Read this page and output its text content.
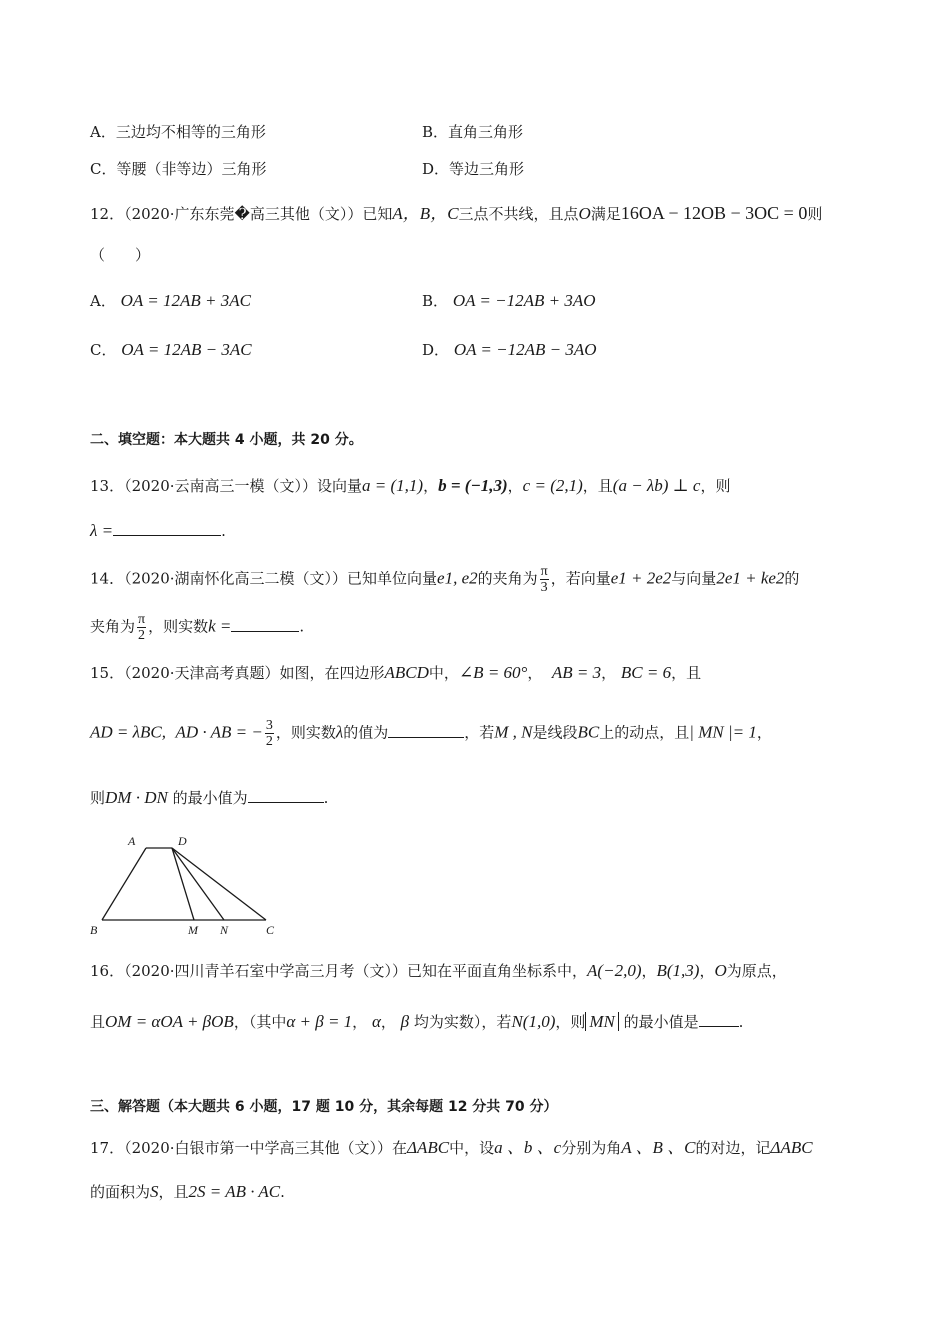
A．三边均不相等的三角形	B．直角三角形
C．等腰（非等边）三角形	D．等边三角形
12．（2020·广东东莞�高三其他（文））已知A，B，C三点不共线，且点O满足16OA − 12OB − 3OC = 0则
（　　）
A． OA = 12AB + 3AC	B． OA = −12AB + 3AO
C． OA = 12AB − 3AC	D． OA = −12AB − 3AO
二、填空题：本大题共 4 小题，共 20 分。
13．（2020·云南高三一模（文））设向量a = (1,1)，b = (−1,3)，c = (2,1)，且(a − λb) ⊥ c，则
λ =	.
14．（2020·湖南怀化高三二模（文））已知单位向量e1, e2的夹角为 $\frac{\pi}{3}$ ，若向量e1 + 2e2与向量2e1 + ke2的
夹角为 $\frac{\pi}{2}$ ，则实数k =	.
15．（2020·天津高考真题）如图，在四边形ABCD中，∠B = 60°，  AB = 3， BC = 6，且
AD = λBC, AD · AB = − $\frac{3}{2}$ ，则实数λ的值为	，若M , N是线段BC上的动点，且| MN |= 1，
则DM · DN 的最小值为	.
A	D
B	M N	C
16．（2020·四川青羊石室中学高三月考（文））已知在平面直角坐标系中，A(−2,0)，B(1,3)，O为原点，
且OM = αOA + βOB，（其中α + β = 1， α， β 均为实数），若N(1,0)，则 MN 的最小值是	.
三、解答题（本大题共 6 小题，17 题 10 分，其余每题 12 分共 70 分）
17．（2020·白银市第一中学高三其他（文））在ΔABC中，设a 、b 、c分别为角A 、B 、C的对边，记ΔABC
的面积为S，且2S = AB · AC.
